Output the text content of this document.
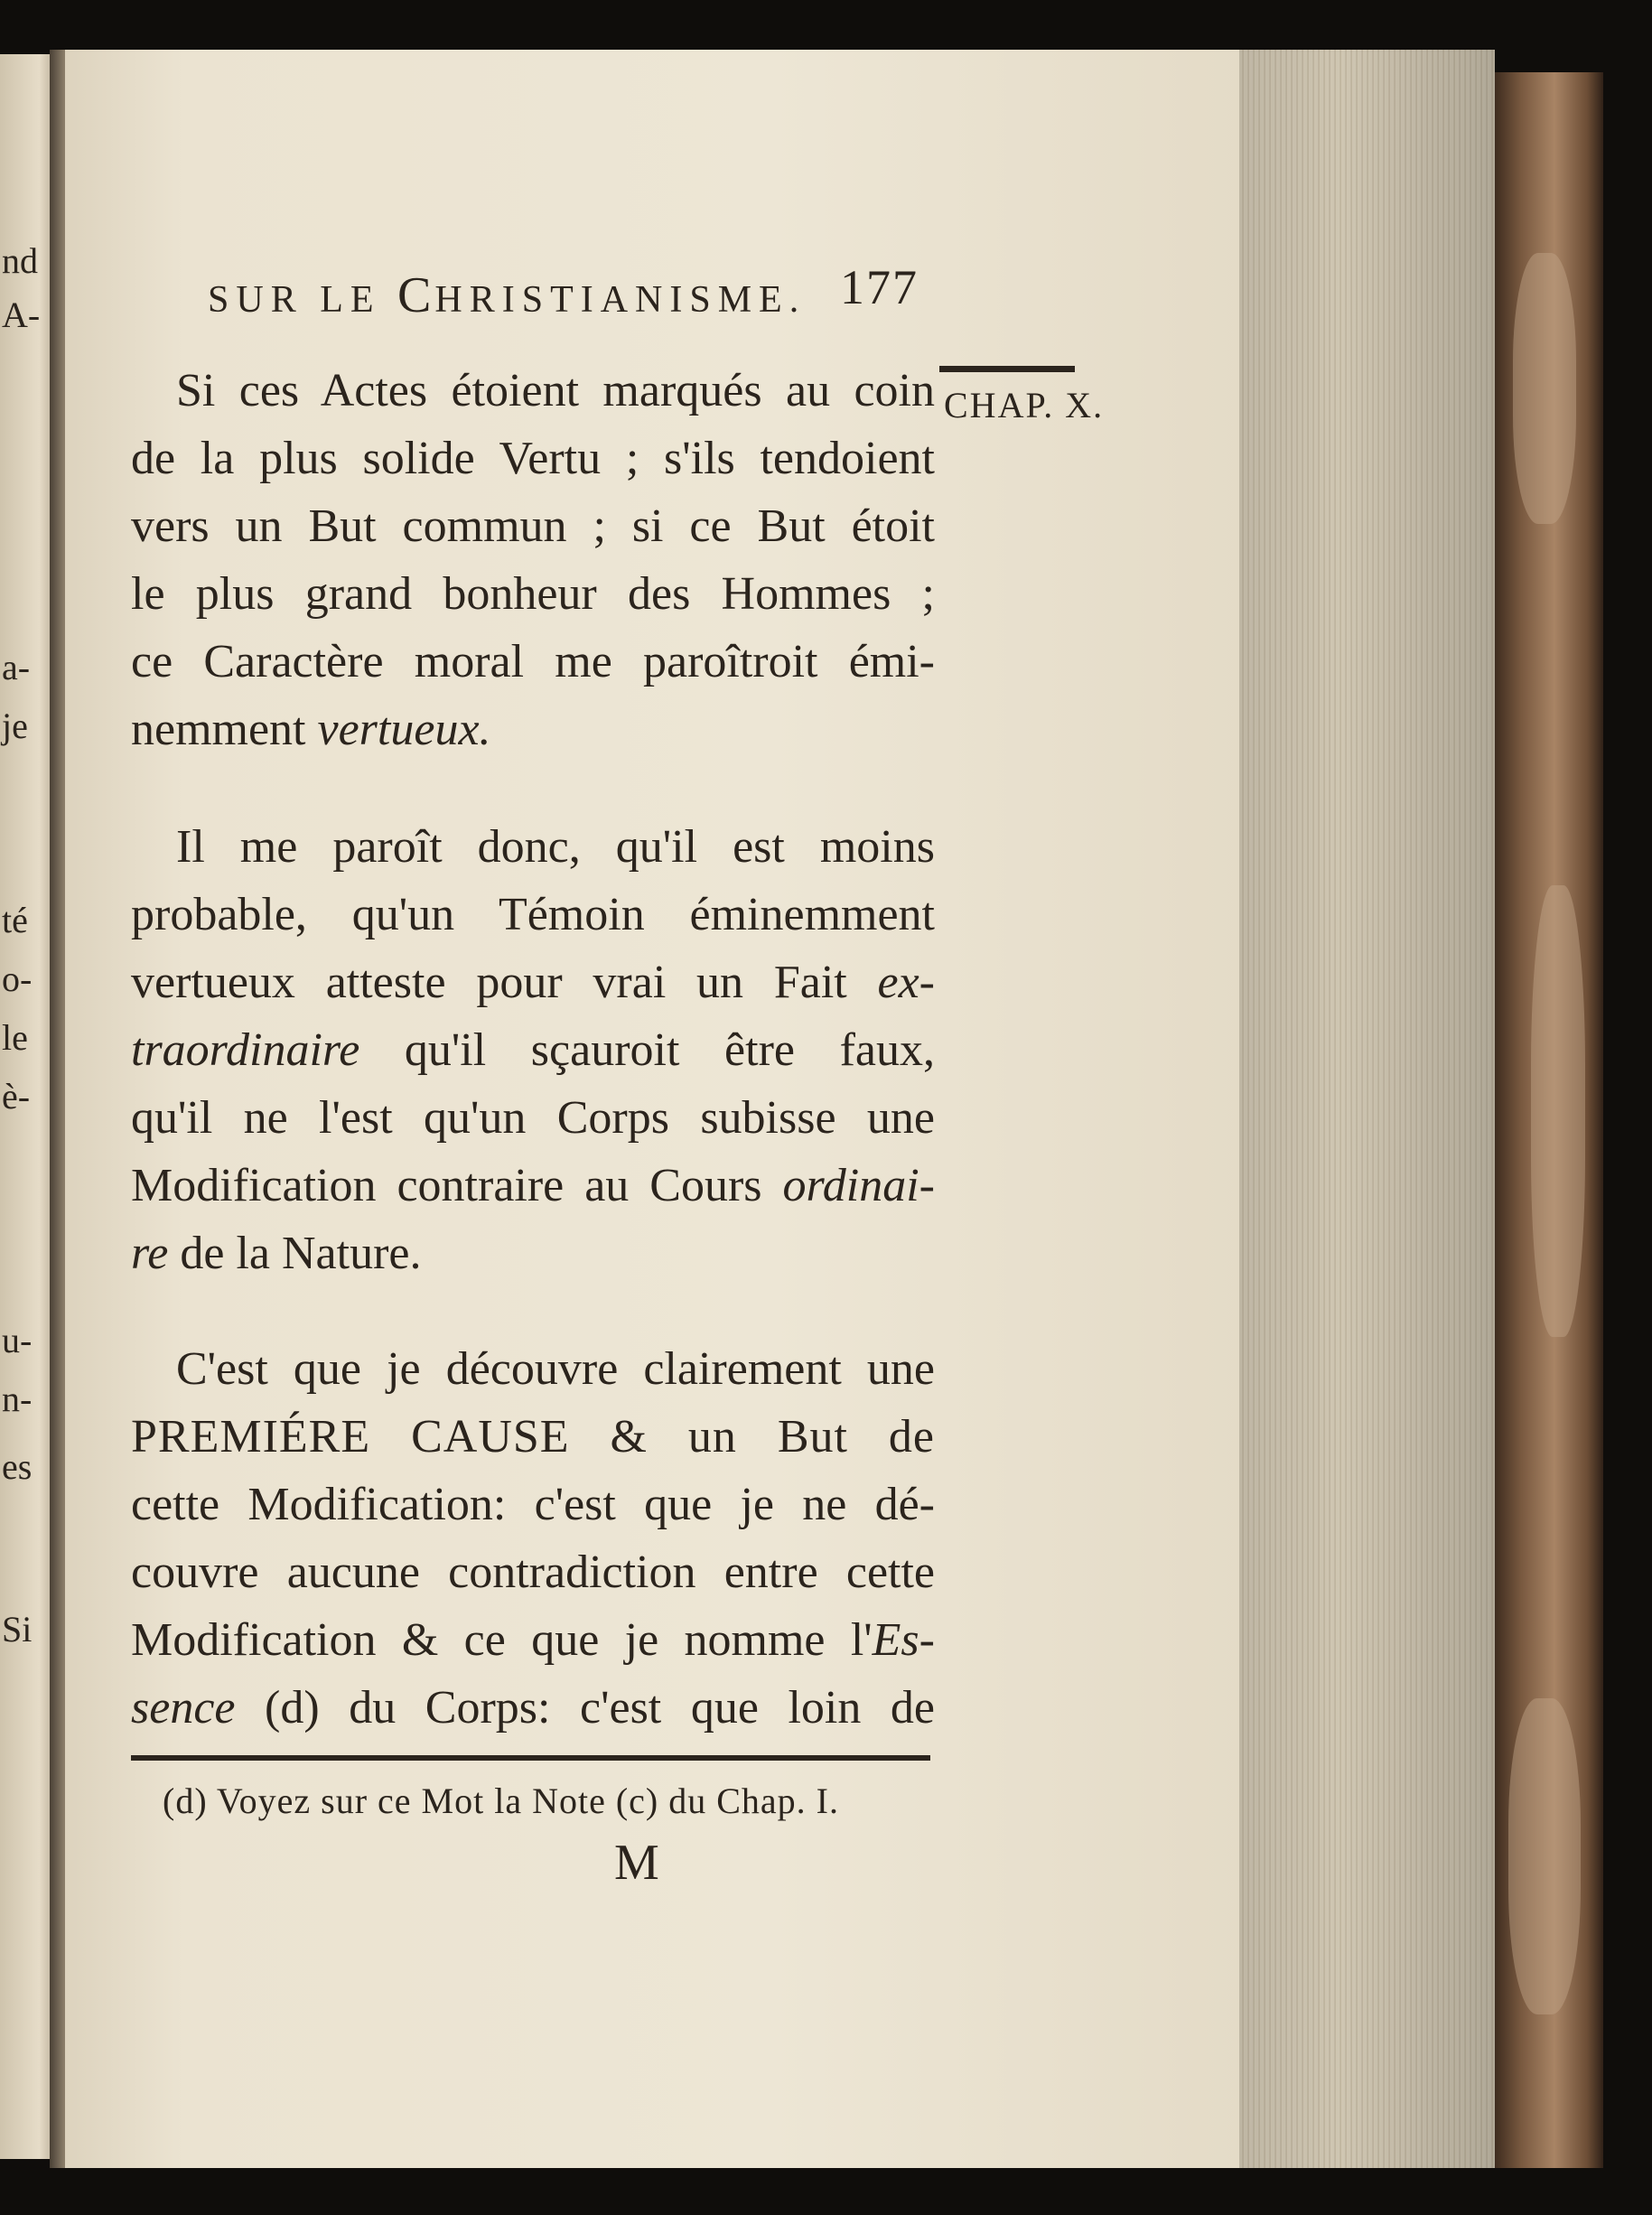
nd
A-
a-
je
té
o-
le
è-
u-
n-
es
Si
SUR LE CHRISTIANISME. 177
CHAP. X.
Si ces Actes étoient marqués au coin
de la plus solide Vertu ; s'ils tendoient
vers un But commun ; si ce But étoit
le plus grand bonheur des Hommes ;
ce Caractère moral me paroîtroit émi-
nemment vertueux.
Il me paroît donc, qu'il est moins
probable, qu'un Témoin éminemment
vertueux atteste pour vrai un Fait ex-
traordinaire qu'il sçauroit être faux,
qu'il ne l'est qu'un Corps subisse une
Modification contraire au Cours ordinai-
re de la Nature.
C'est que je découvre clairement une
PREMIÉRE CAUSE & un But de
cette Modification: c'est que je ne dé-
couvre aucune contradiction entre cette
Modification & ce que je nomme l'Es-
sence (d) du Corps: c'est que loin de
(d) Voyez sur ce Mot la Note (c) du Chap. I.
M
